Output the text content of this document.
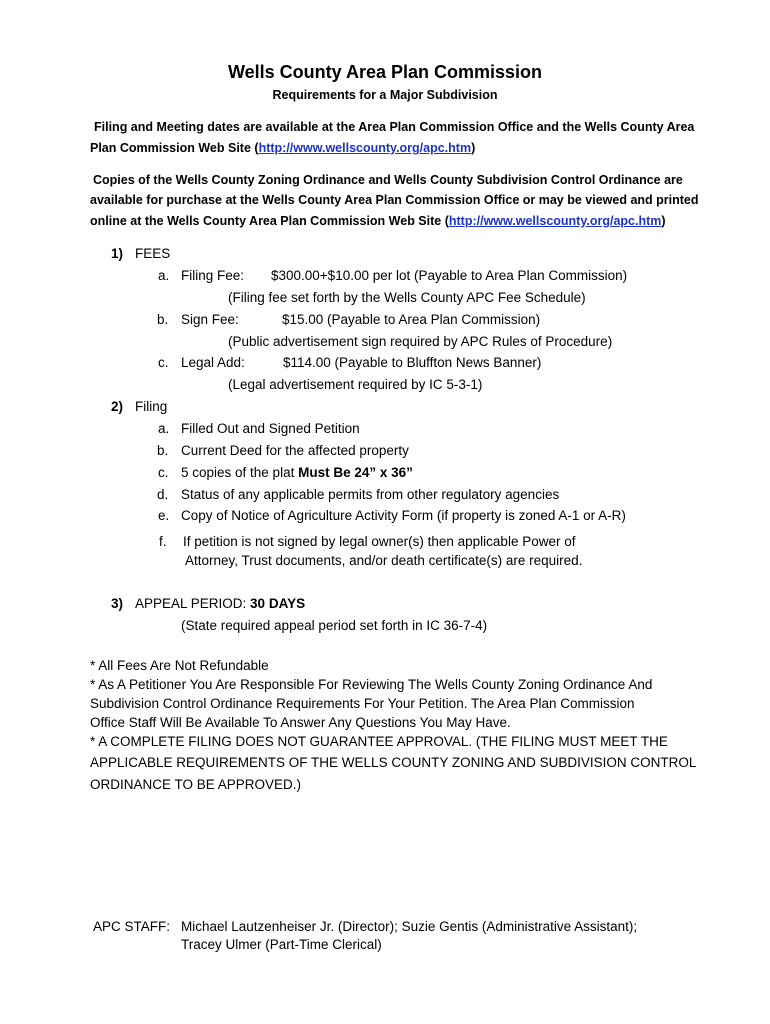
Wells County Area Plan Commission
Requirements for a Major Subdivision
Filing and Meeting dates are available at the Area Plan Commission Office and the Wells County Area
Plan Commission Web Site (http://www.wellscounty.org/apc.htm)
Copies of the Wells County Zoning Ordinance and Wells County Subdivision Control Ordinance are
available for purchase at the Wells County Area Plan Commission Office or may be viewed and printed
online at the Wells County Area Plan Commission Web Site (http://www.wellscounty.org/apc.htm)
1) FEES
a. Filing Fee: $300.00+$10.00 per lot (Payable to Area Plan Commission)
(Filing fee set forth by the Wells County APC Fee Schedule)
b. Sign Fee:	$15.00 (Payable to Area Plan Commission)
(Public advertisement sign required by APC Rules of Procedure)
c. Legal Add:	$114.00 (Payable to Bluffton News Banner)
(Legal advertisement required by IC 5-3-1)
2) Filing
a. Filled Out and Signed Petition
b. Current Deed for the affected property
c. 5 copies of the plat Must Be 24” x 36”
d. Status of any applicable permits from other regulatory agencies
e. Copy of Notice of Agriculture Activity Form (if property is zoned A-1 or A-R)
f. If petition is not signed by legal owner(s) then applicable Power of
Attorney, Trust documents, and/or death certificate(s) are required.
3) APPEAL PERIOD: 30 DAYS
(State required appeal period set forth in IC 36-7-4)
* All Fees Are Not Refundable
* As A Petitioner You Are Responsible For Reviewing The Wells County Zoning Ordinance And
Subdivision Control Ordinance Requirements For Your Petition. The Area Plan Commission
Office Staff Will Be Available To Answer Any Questions You May Have.
* A COMPLETE FILING DOES NOT GUARANTEE APPROVAL. (THE FILING MUST MEET THE
APPLICABLE REQUIREMENTS OF THE WELLS COUNTY ZONING AND SUBDIVISION CONTROL
ORDINANCE TO BE APPROVED.)
APC STAFF: Michael Lautzenheiser Jr. (Director); Suzie Gentis (Administrative Assistant);
Tracey Ulmer (Part-Time Clerical)
